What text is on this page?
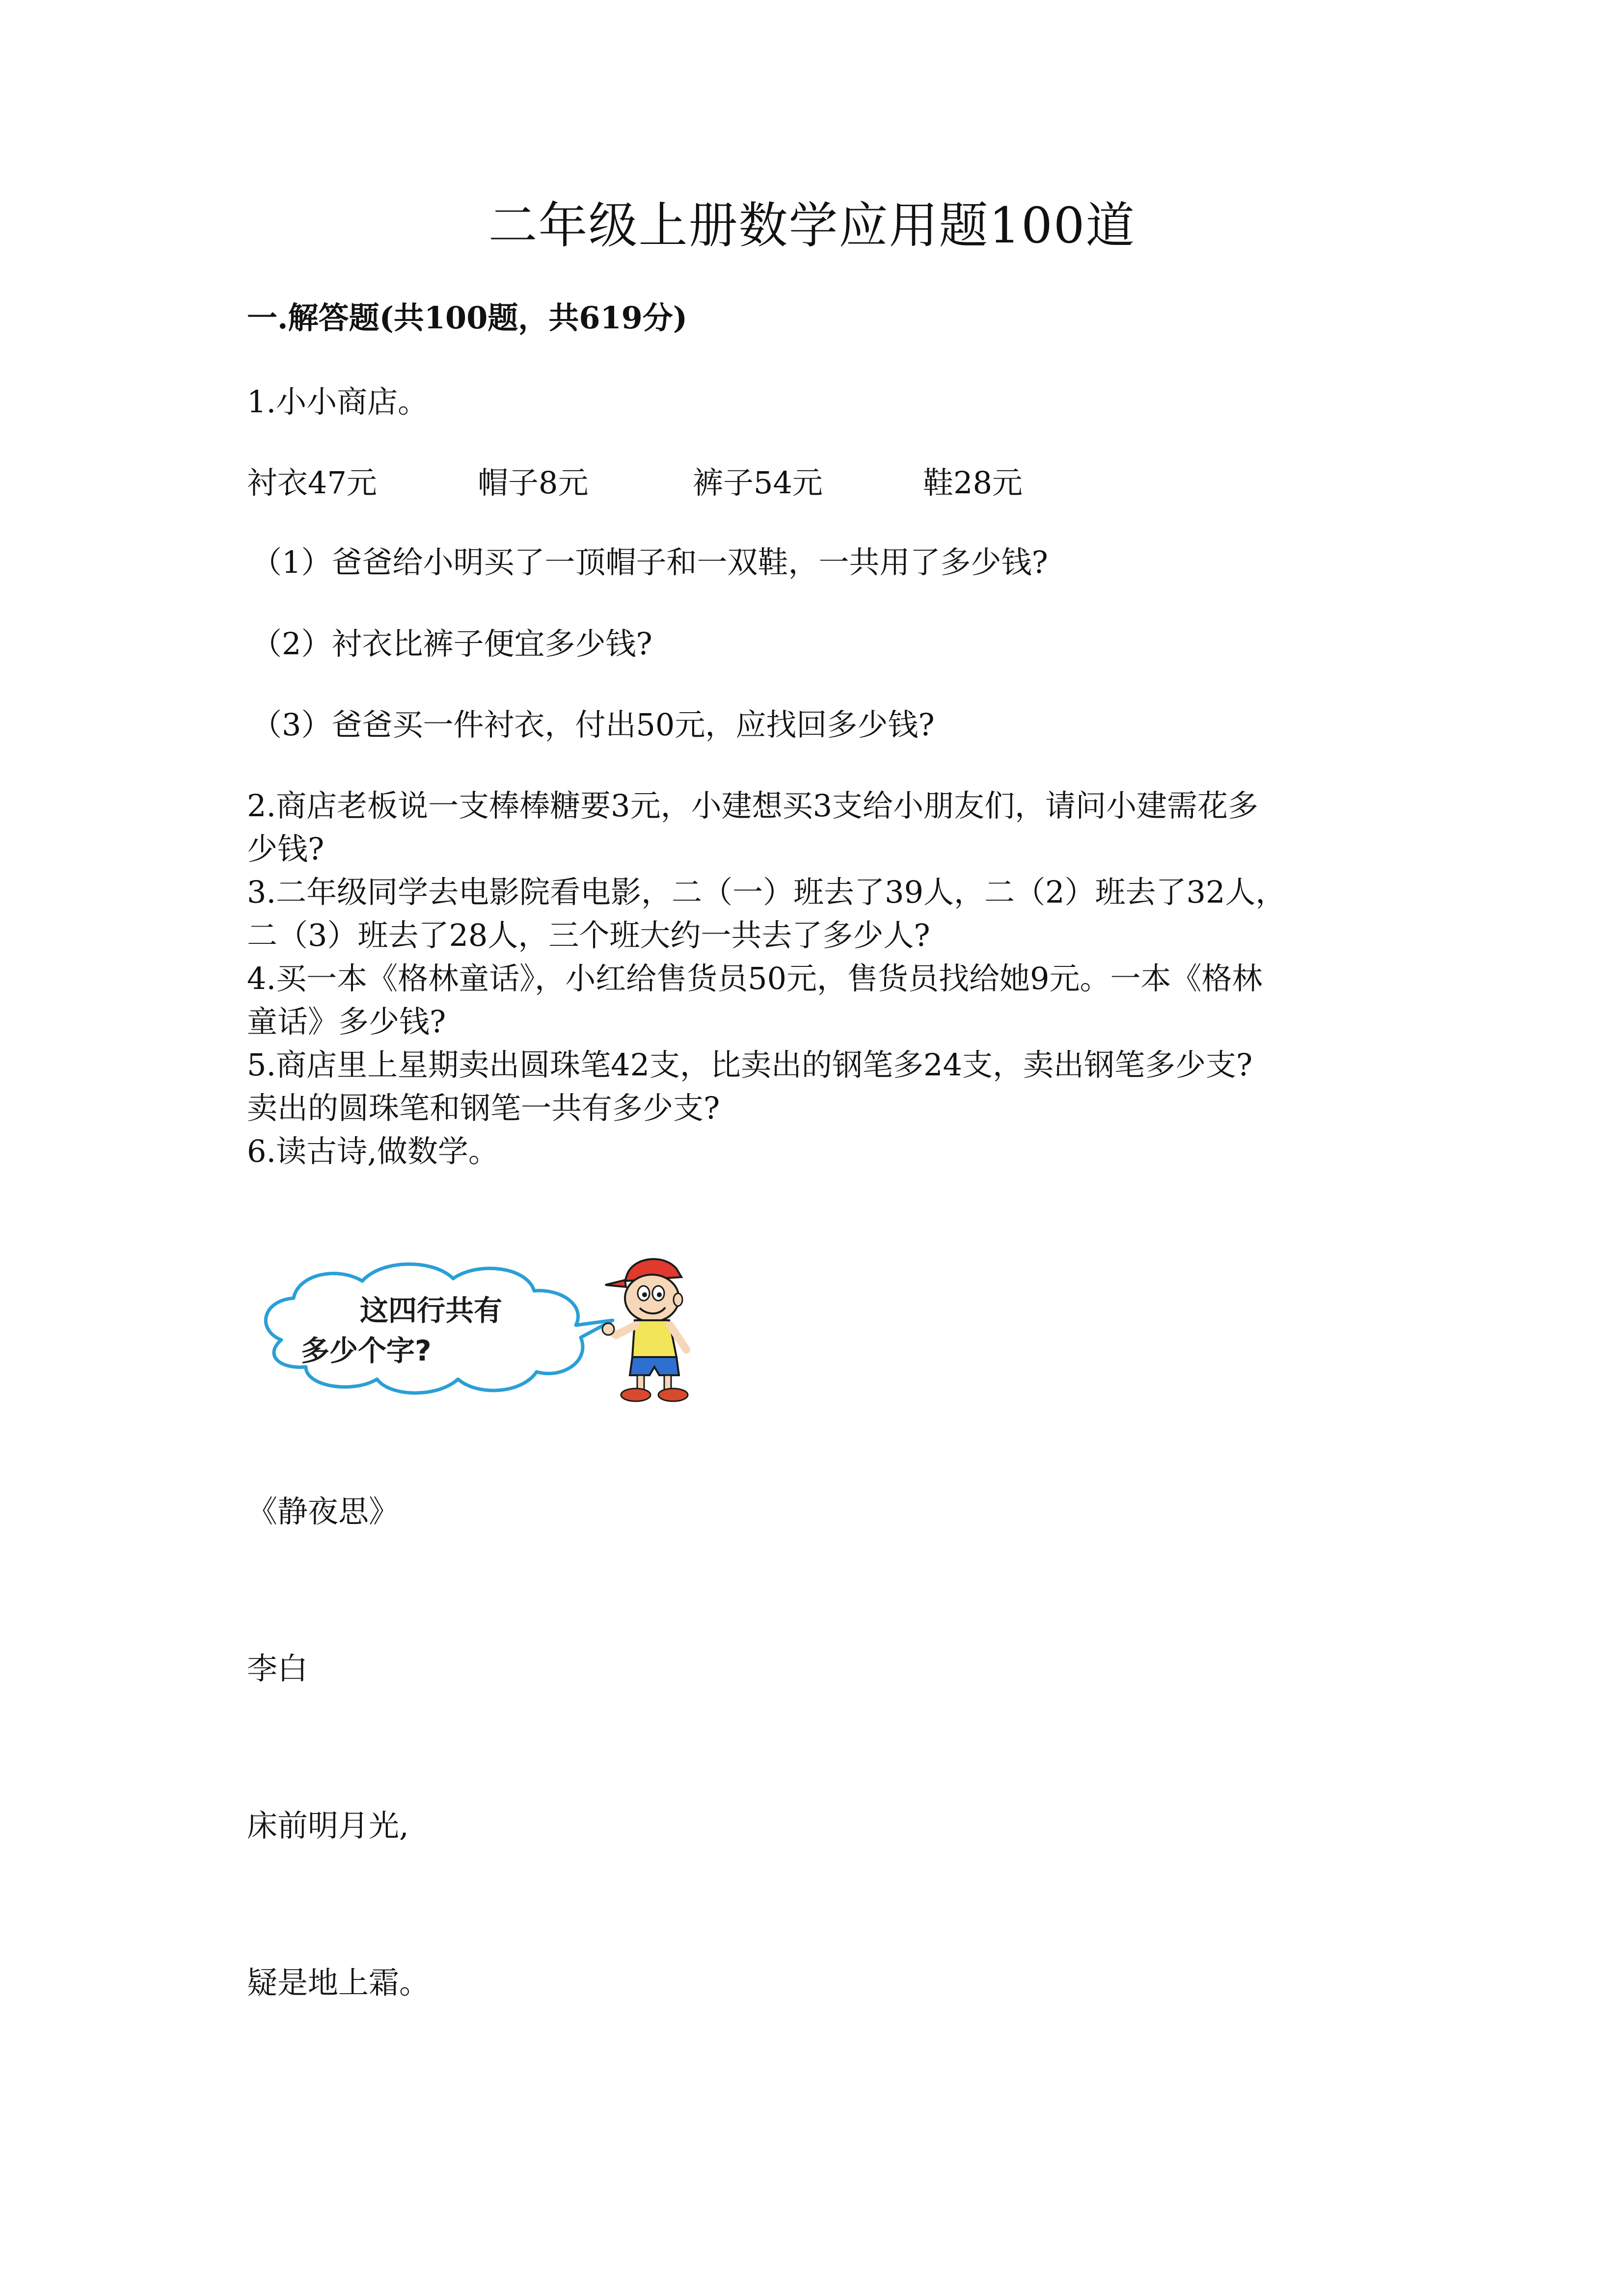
二年级上册数学应用题100道
一.解答题(共100题，共619分)
1.小小商店。
衬衣47元	帽子8元	裤子54元	鞋28元
（1）爸爸给小明买了一顶帽子和一双鞋，一共用了多少钱?
（2）衬衣比裤子便宜多少钱?
（3）爸爸买一件衬衣，付出50元，应找回多少钱?
2.商店老板说一支棒棒糖要3元，小建想买3支给小朋友们，请问小建需花多
少钱?
3.二年级同学去电影院看电影，二（一）班去了39人，二（2）班去了32人，
二（3）班去了28人，三个班大约一共去了多少人?
4.买一本《格林童话》，小红给售货员50元，售货员找给她9元。一本《格林
童话》多少钱?
5.商店里上星期卖出圆珠笔42支，比卖出的钢笔多24支，卖出钢笔多少支?
卖出的圆珠笔和钢笔一共有多少支?
6.读古诗,做数学。
这四行共有
多少个字?
《静夜思》
李白
床前明月光,
疑是地上霜。
